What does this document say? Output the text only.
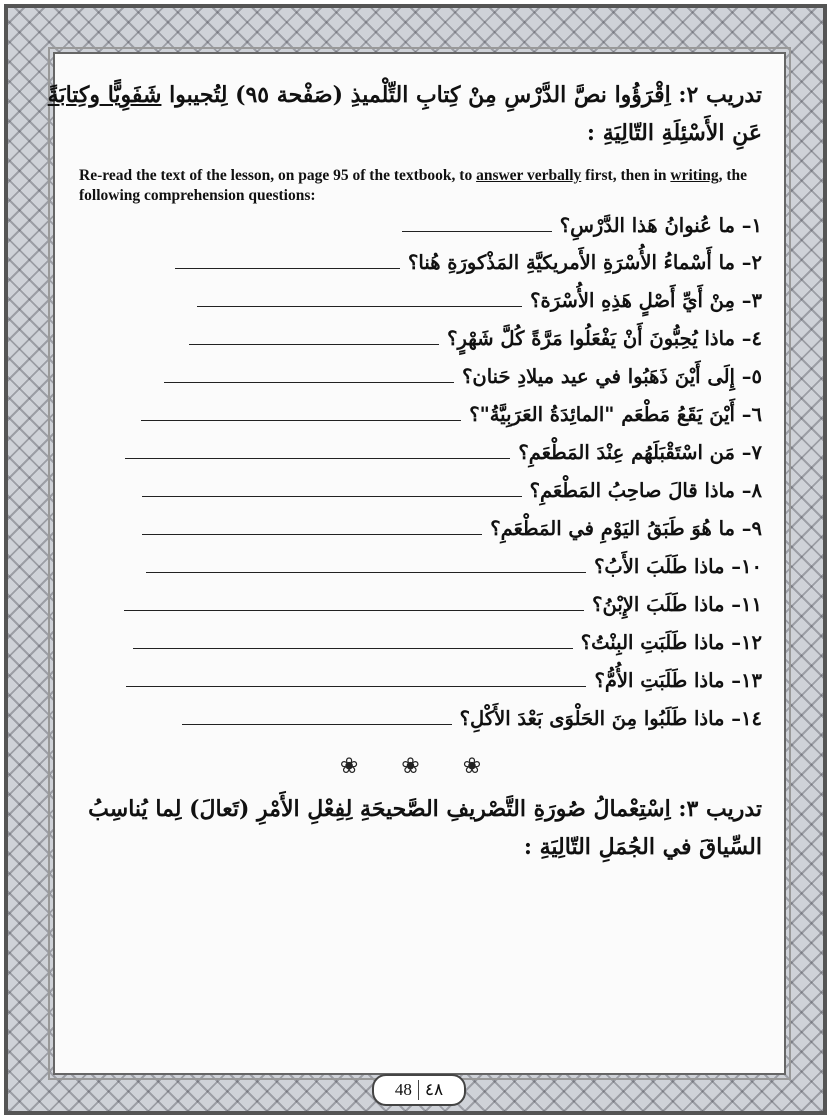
تدريب ٢: اِقْرَؤُوا نصَّ الدَّرْسِ مِنْ كِتابِ التِّلْميذِ (صَفْحة ٩٥) لِتُجيبوا شَفَوِيًّا وكِتابَةً
عَنِ الأَسْئِلَةِ التّالِيَةِ :
Re-read the text of the lesson, on page 95 of the textbook, to answer verbally first, then in writing, the following comprehension questions:
١– ما عُنوانُ هَذا الدَّرْسِ؟
٢– ما أَسْماءُ الأُسْرَةِ الأَمريكيَّةِ المَذْكورَةِ هُنا؟
٣– مِنْ أَيِّ أَصْلٍ هَذِهِ الأُسْرَة؟
٤– ماذا يُحِبُّونَ أَنْ يَفْعَلُوا مَرَّةً كُلَّ شَهْرٍ؟
٥– إِلَى أَيْنَ ذَهَبُوا في عيد ميلادِ حَنان؟
٦– أَيْنَ يَقَعُ مَطْعَم "المائِدَةُ العَرَبِيَّةُ"؟
٧– مَن اسْتَقْبَلَهُم عِنْدَ المَطْعَمِ؟
٨– ماذا قالَ صاحِبُ المَطْعَمِ؟
٩– ما هُوَ طَبَقُ اليَوْمِ في المَطْعَمِ؟
١٠– ماذا طَلَبَ الأَبُ؟
١١– ماذا طَلَبَ الإِبْنُ؟
١٢– ماذا طَلَبَتِ البِنْتُ؟
١٣– ماذا طَلَبَتِ الأُمُّ؟
١٤– ماذا طَلَبُوا مِنَ الحَلْوَى بَعْدَ الأَكْلِ؟
❀ ❀ ❀
تدريب ٣: اِسْتِعْمالُ صُورَةِ التَّصْريفِ الصَّحيحَةِ لِفِعْلِ الأَمْرِ (تَعالَ) لِما يُناسِبُ
السِّياقَ في الجُمَلِ التّالِيَةِ :
48 ٤٨
